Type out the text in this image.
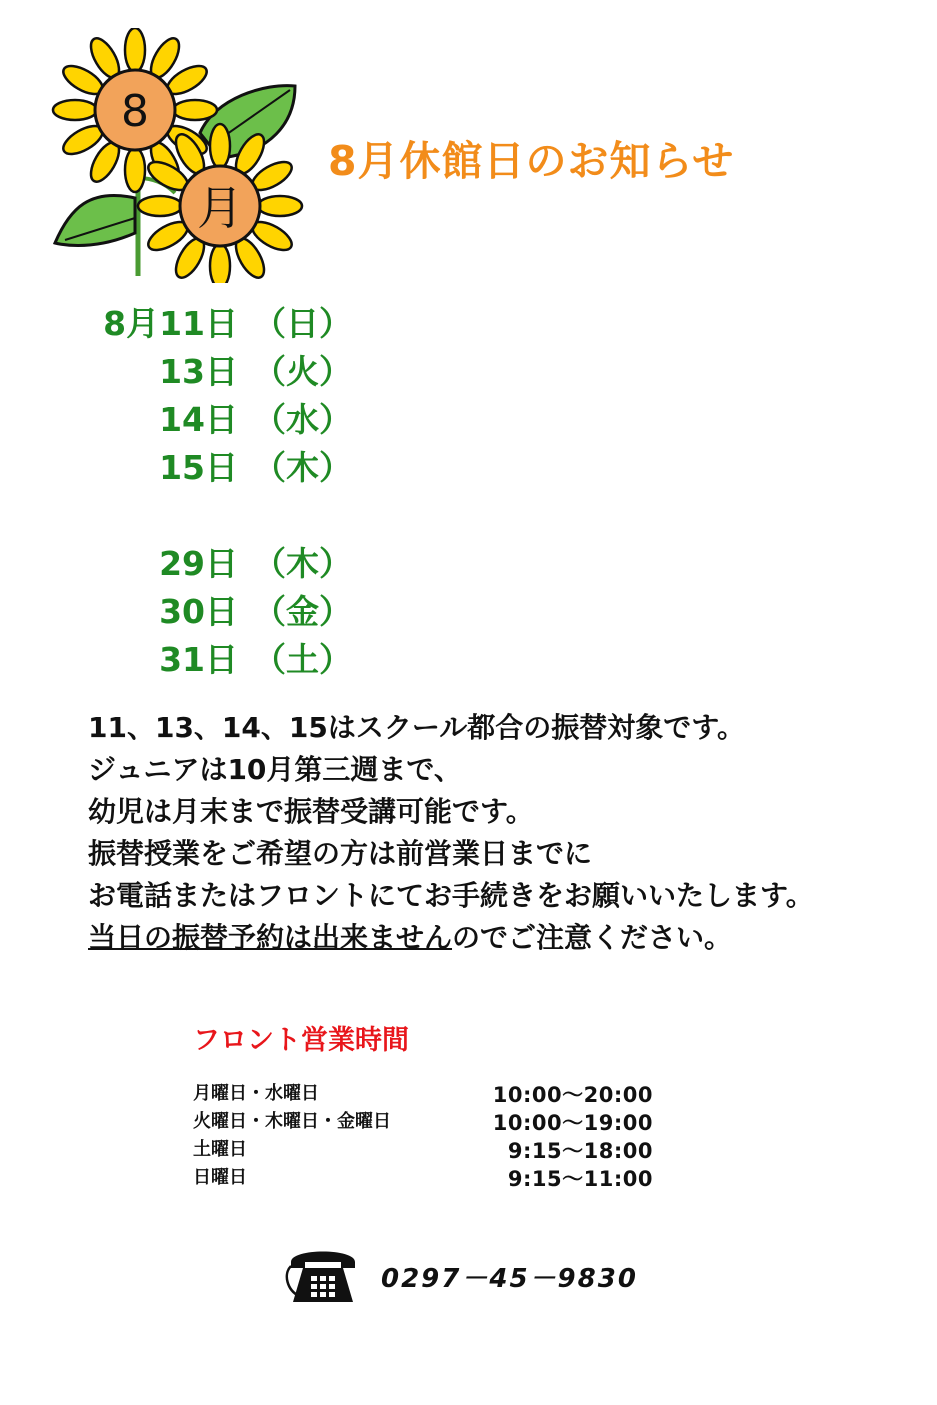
8
月
8月休館日のお知らせ
8月11日 （日）
13日 （火）
14日 （水）
15日 （木）
29日 （木）
30日 （金）
31日 （土）
11、13、14、15はスクール都合の振替対象です。
ジュニアは10月第三週まで、
幼児は月末まで振替受講可能です。
振替授業をご希望の方は前営業日までに
お電話またはフロントにてお手続きをお願いいたします。
当日の振替予約は出来ませんのでご注意ください。
フロント営業時間
月曜日・水曜日	10:00〜20:00
火曜日・木曜日・金曜日	10:00〜19:00
土曜日	9:15〜18:00
日曜日	9:15〜11:00
0297－45－9830
